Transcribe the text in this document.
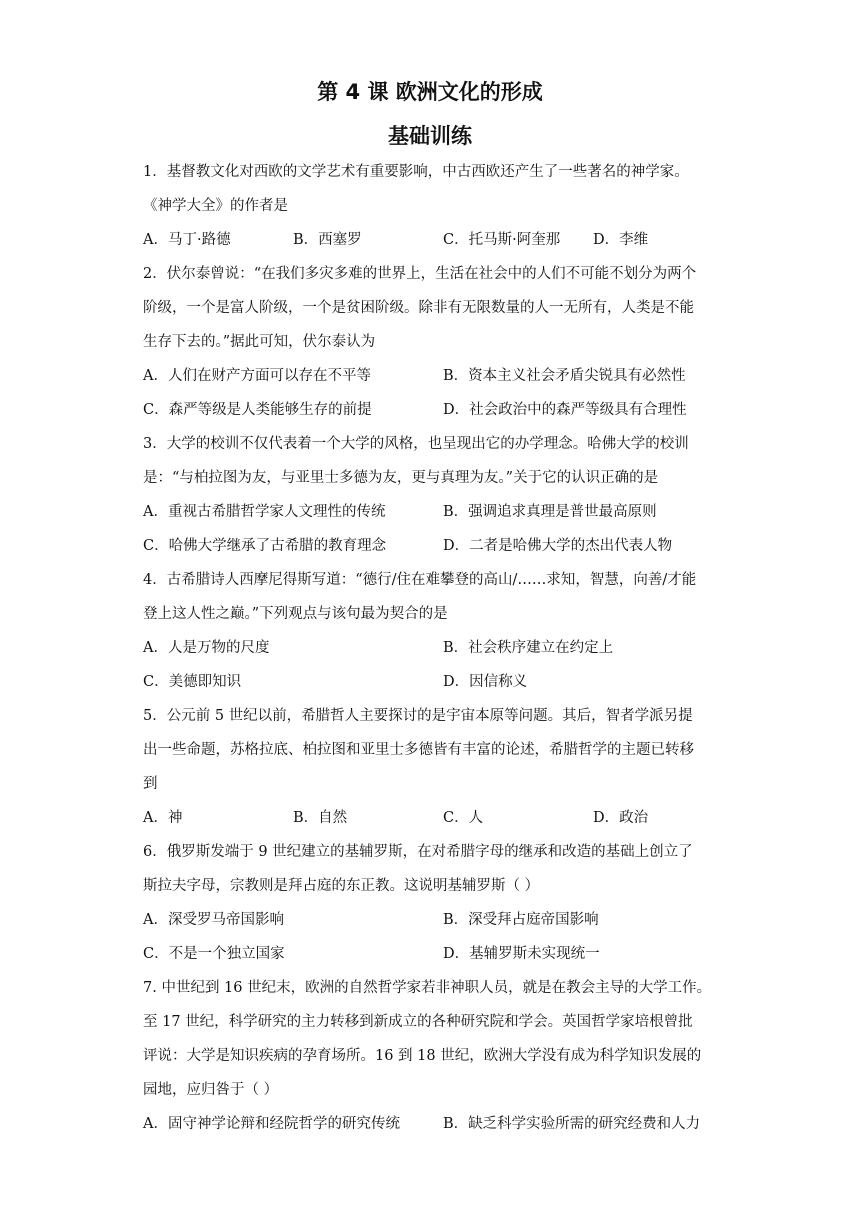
第 4 课 欧洲文化的形成
基础训练
1．基督教文化对西欧的文学艺术有重要影响，中古西欧还产生了一些著名的神学家。
《神学大全》的作者是
A．马丁·路德	B．西塞罗	C．托马斯·阿奎那 D．李维
2．伏尔泰曾说：“在我们多灾多难的世界上，生活在社会中的人们不可能不划分为两个
阶级，一个是富人阶级，一个是贫困阶级。除非有无限数量的人一无所有，人类是不能
生存下去的。”据此可知，伏尔泰认为
A．人们在财产方面可以存在不平等	B．资本主义社会矛盾尖锐具有必然性
C．森严等级是人类能够生存的前提	D．社会政治中的森严等级具有合理性
3．大学的校训不仅代表着一个大学的风格，也呈现出它的办学理念。哈佛大学的校训
是：“与柏拉图为友，与亚里士多德为友，更与真理为友。”关于它的认识正确的是
A．重视古希腊哲学家人文理性的传统	B．强调追求真理是普世最高原则
C．哈佛大学继承了古希腊的教育理念	D．二者是哈佛大学的杰出代表人物
4．古希腊诗人西摩尼得斯写道：“德行/住在难攀登的高山/……求知，智慧，向善/才能
登上这人性之巅。”下列观点与该句最为契合的是
A．人是万物的尺度	B．社会秩序建立在约定上
C．美德即知识	D．因信称义
5．公元前 5 世纪以前，希腊哲人主要探讨的是宇宙本原等问题。其后，智者学派另提
出一些命题，苏格拉底、柏拉图和亚里士多德皆有丰富的论述，希腊哲学的主题已转移
到
A．神	B．自然	C．人	D．政治
6．俄罗斯发端于 9 世纪建立的基辅罗斯，在对希腊字母的继承和改造的基础上创立了
斯拉夫字母，宗教则是拜占庭的东正教。这说明基辅罗斯（ ）
A．深受罗马帝国影响	B．深受拜占庭帝国影响
C．不是一个独立国家	D．基辅罗斯未实现统一
7. 中世纪到 16 世纪末，欧洲的自然哲学家若非神职人员，就是在教会主导的大学工作。
至 17 世纪，科学研究的主力转移到新成立的各种研究院和学会。英国哲学家培根曾批
评说：大学是知识疾病的孕育场所。16 到 18 世纪，欧洲大学没有成为科学知识发展的
园地，应归咎于（ ）
A．固守神学论辩和经院哲学的研究传统	B．缺乏科学实验所需的研究经费和人力
